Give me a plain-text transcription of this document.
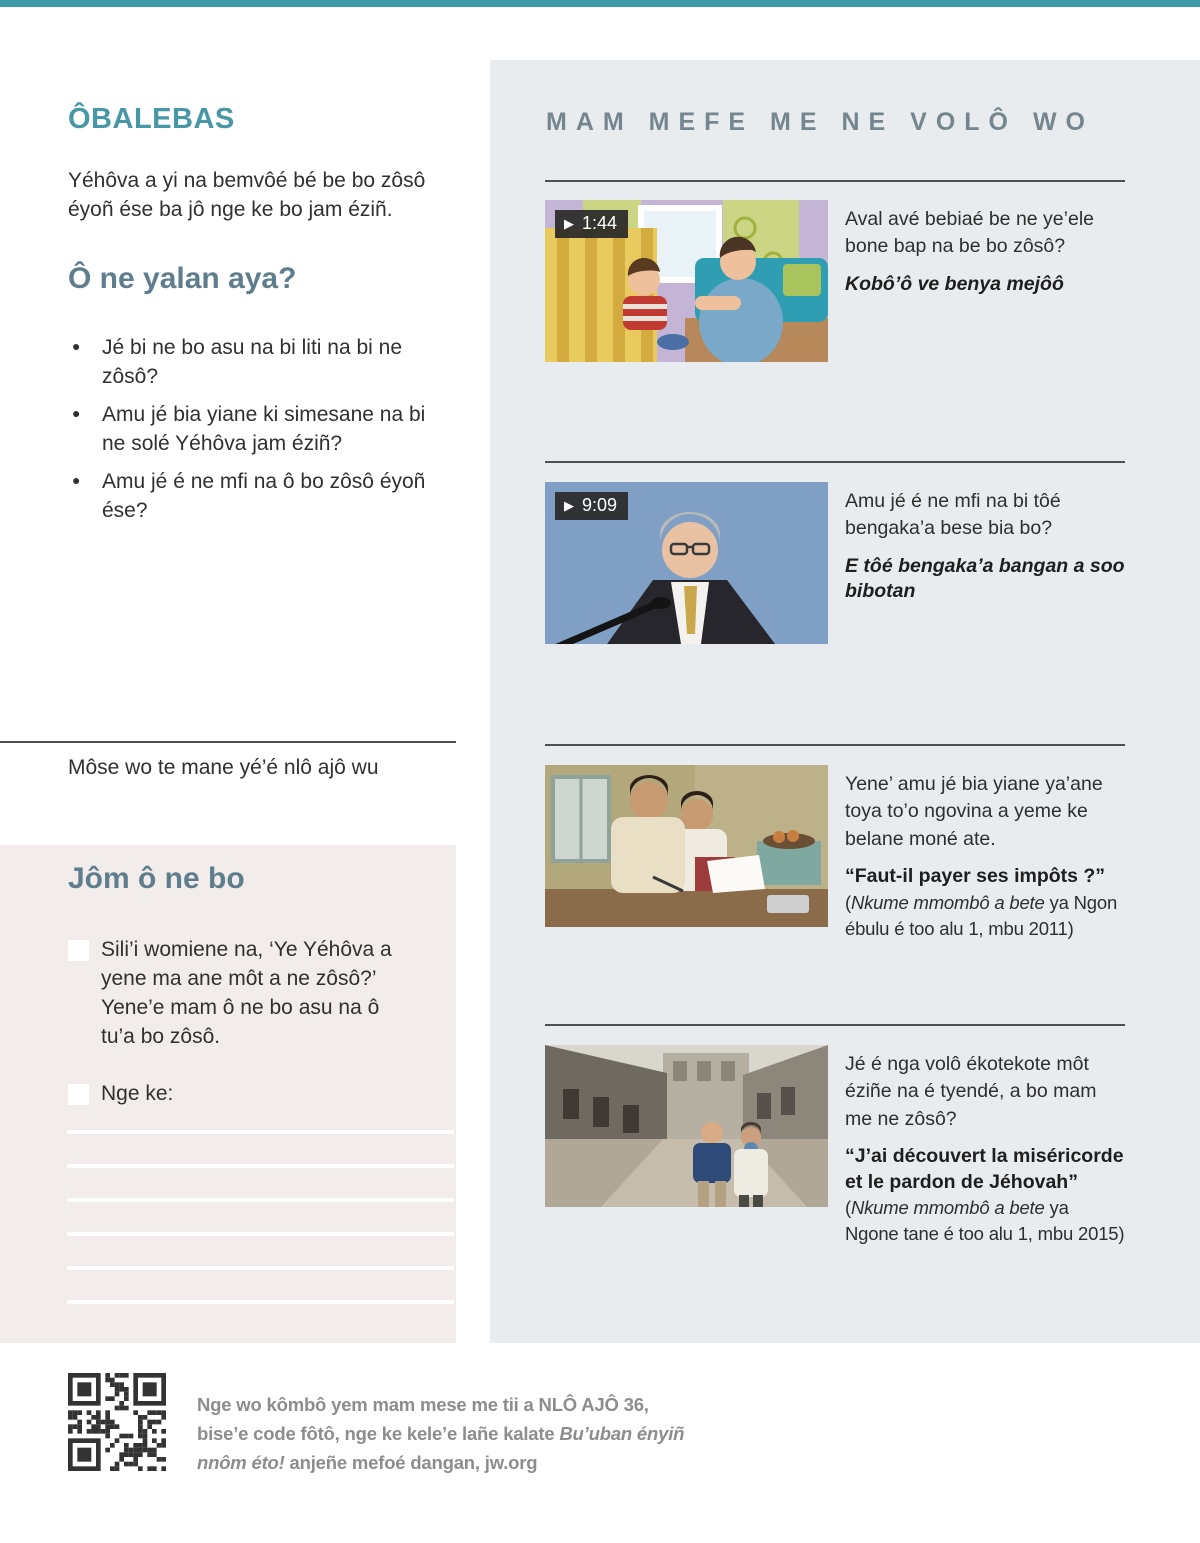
ÔBALEBAS

Yéhôva a yi na bemvôé bé be bo zôsô éyoñ ése ba jô nge ke bo jam éziñ.

Ô ne yalan aya?
● Jé bi ne bo asu na bi liti na bi ne zôsô?
● Amu jé bia yiane ki simesane na bi ne solé Yéhôva jam éziñ?
● Amu jé é ne mfi na ô bo zôsô éyoñ ése?

Môse wo te mane yé’é nlô ajô wu

Jôm ô ne bo
Sili’i womiene na, ‘Ye Yéhôva a yene ma ane môt a ne zôsô?’ Yene’e mam ô ne bo asu na ô tu’a bo zôsô.
Nge ke:

Nge wo kômbô yem mam mese me tii a NLÔ AJÔ 36, bise’e code fôtô, nge ke kele’e lañe kalate Bu’uban ényiñ nnôm éto! anjeñe mefoé dangan, jw.org

MAM MEFE ME NE VOLÔ WO
▶ 1:44	Aval avé bebiaé be ne ye’ele bone bap na be bo zôsô?

Kobô’ô ve benya mejôô

▶ 9:09	Amu jé é ne mfi na bi tôé bengaka’a bese bia bo?

E tôé bengaka’a bangan a soo bibotan

Yene’ amu jé bia yiane ya’ane toya to’o ngovina a yeme ke belane moné ate.

“Faut-il payer ses impôts ?”

(Nkume mmombô a bete ya Ngon ébulu é too alu 1, mbu 2011)

Jé é nga volô ékotekote môt éziñe na é tyendé, a bo mam me ne zôsô?

“J’ai découvert la miséricorde et le pardon de Jéhovah”

(Nkume mmombô a bete ya Ngone tane é too alu 1, mbu 2015)
